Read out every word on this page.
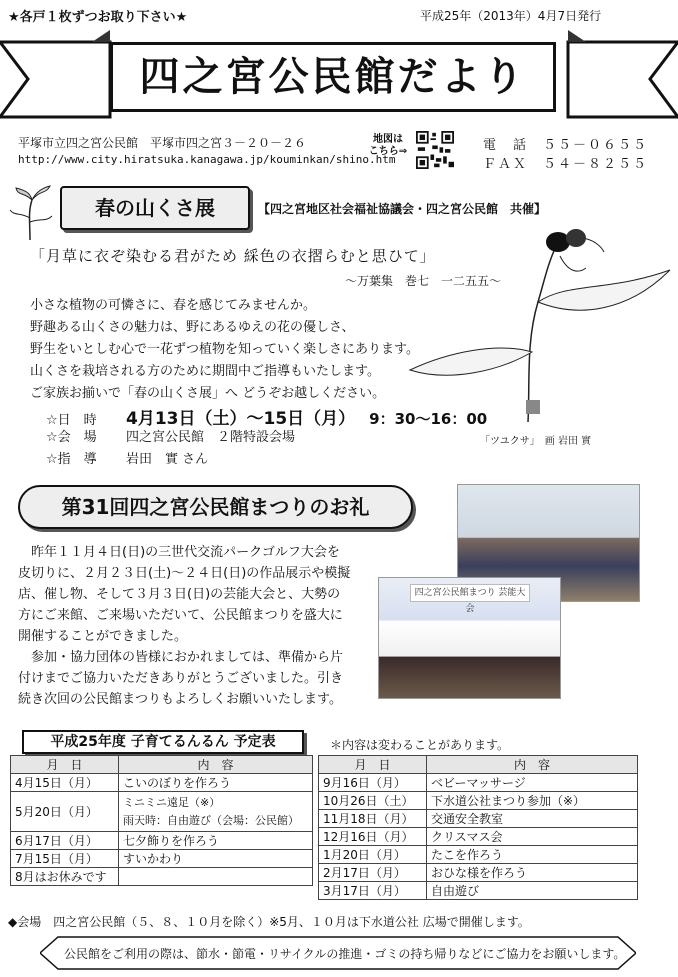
★各戸１枚ずつお取り下さい★	平成25年（2013年）4月7日発行
四之宮公民館だより
平塚市立四之宮公民館　平塚市四之宮３－２０－２６
http://www.city.hiratsuka.kanagawa.jp/kouminkan/shino.htm
地図は
こちら⇒	電　話　５５－０６５５
ＦＡＸ　５４－８２５５
春の山くさ展	【四之宮地区社会福祉協議会・四之宮公民館　共催】
「月草に衣ぞ染むる君がため 綵色の衣摺らむと思ひて」
～万葉集　巻七　一二五五～
小さな植物の可憐さに、春を感じてみませんか。
野趣ある山くさの魅力は、野にあるゆえの花の優しさ、
野生をいとしむ心で一花ずつ植物を知っていく楽しさにあります。
山くさを栽培される方のために期間中ご指導もいたします。
ご家族お揃いで「春の山くさ展」へ どうぞお越しください。
☆日　時	4月13日（土）～15日（月） 9：30～16：00
☆会　場	四之宮公民館　２階特設会場
☆指　導	岩田　實 さん
「ツユクサ」　画 岩田 實
第31回四之宮公民館まつりのお礼
　昨年１１月４日(日)の三世代交流パークゴルフ大会を
皮切りに、２月２３日(土)～２４日(日)の作品展示や模擬
店、催し物、そして３月３日(日)の芸能大会と、大勢の
方にご来館、ご来場いただいて、公民館まつりを盛大に
開催することができました。
　参加・協力団体の皆様におかれましては、準備から片
付けまでご協力いただきありがとうございました。引き
続き次回の公民館まつりもよろしくお願いいたします。
四之宮公民館まつり 芸能大会
平成25年度 子育てるんるん 予定表	＊内容は変わることがあります。
月　日	内　容
4月15日（月）	こいのぼりを作ろう
5月20日（月）	ミニミニ遠足（※）
雨天時：自由遊び（会場：公民館）

6月17日（月）	七夕飾りを作ろう
7月15日（月）	すいかわり
8月はお休みです	
月　日	内　容
9月16日（月）	ベビーマッサージ
10月26日（土）	下水道公社まつり参加（※）
11月18日（月）	交通安全教室
12月16日（月）	クリスマス会
1月20日（月）	たこを作ろう
2月17日（月）	おひな様を作ろう
3月17日（月）	自由遊び
◆会場　四之宮公民館（５、８、１０月を除く）※5月、１０月は下水道公社 広場で開催します。
公民館をご利用の際は、節水・節電・リサイクルの推進・ゴミの持ち帰りなどにご協力をお願いします。
